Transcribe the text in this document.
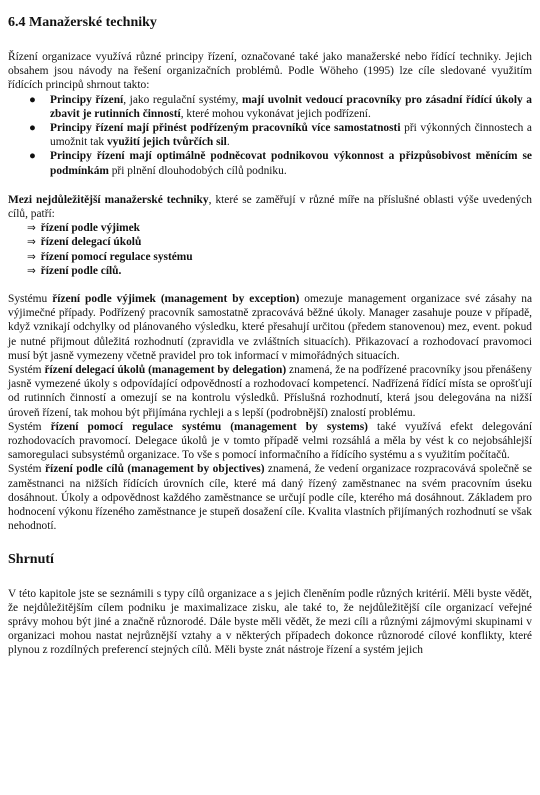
6.4 Manažerské techniky

Řízení organizace využívá různé principy řízení, označované také jako manažerské nebo řídící techniky. Jejich obsahem jsou návody na řešení organizačních problémů. Podle Wöheho (1995) lze cíle sledované využitím řídících principů shrnout takto:

● Principy řízení, jako regulační systémy, mají uvolnit vedoucí pracovníky pro zásadní řídící úkoly a zbavit je rutinních činností, které mohou vykonávat jejich podřízení.
● Principy řízení mají přinést podřízeným pracovníků více samostatnosti při výkonných činnostech a umožnit tak využití jejich tvůrčích sil.
● Principy řízení mají optimálně podněcovat podnikovou výkonnost a přizpůsobivost měnícím se podmínkám při plnění dlouhodobých cílů podniku.

Mezi nejdůležitější manažerské techniky, které se zaměřují v různé míře na příslušné oblasti výše uvedených cílů, patří:

⇒ řízení podle výjimek
⇒ řízení delegací úkolů
⇒ řízení pomocí regulace systému
⇒ řízení podle cílů.

Systému řízení podle výjimek (management by exception) omezuje management organizace své zásahy na výjimečné případy. Podřízený pracovník samostatně zpracovává běžné úkoly. Manager zasahuje pouze v případě, když vznikají odchylky od plánovaného výsledku, které přesahují určitou (předem stanovenou) mez, event. pokud je nutné přijmout důležitá rozhodnutí (zpravidla ve zvláštních situacích). Přikazovací a rozhodovací pravomoci musí být jasně vymezeny včetně pravidel pro tok informací v mimořádných situacích.

Systém řízení delegací úkolů (management by delegation) znamená, že na podřízené pracovníky jsou přenášeny jasně vymezené úkoly s odpovídající odpovědností a rozhodovací kompetencí. Nadřízená řídící místa se oprošťují od rutinních činností a omezují se na kontrolu výsledků. Příslušná rozhodnutí, která jsou delegována na nižší úroveň řízení, tak mohou být přijímána rychleji a s lepší (podrobnější) znalostí problému.

Systém řízení pomocí regulace systému (management by systems) také využívá efekt delegování rozhodovacích pravomocí. Delegace úkolů je v tomto případě velmi rozsáhlá a měla by vést k co nejobsáhlejší samoregulaci subsystémů organizace. To vše s pomocí informačního a řídícího systému a s využitím počítačů.

Systém řízení podle cílů (management by objectives) znamená, že vedení organizace rozpracovává společně se zaměstnanci na nižších řídících úrovních cíle, které má daný řízený zaměstnanec na svém pracovním úseku dosáhnout. Úkoly a odpovědnost každého zaměstnance se určují podle cíle, kterého má dosáhnout. Základem pro hodnocení výkonu řízeného zaměstnance je stupeň dosažení cíle. Kvalita vlastních přijímaných rozhodnutí se však nehodnotí.

Shrnutí

V této kapitole jste se seznámili s typy cílů organizace a s jejich členěním podle různých kritérií. Měli byste vědět, že nejdůležitějším cílem podniku je maximalizace zisku, ale také to, že nejdůležitější cíle organizací veřejné správy mohou být jiné a značně různorodé. Dále byste měli vědět, že mezi cíli a různými zájmovými skupinami v organizaci mohou nastat nejrůznější vztahy a v některých případech dokonce různorodé cílové konflikty, které plynou z rozdílných preferencí stejných cílů. Měli byste znát nástroje řízení a systém jejich
